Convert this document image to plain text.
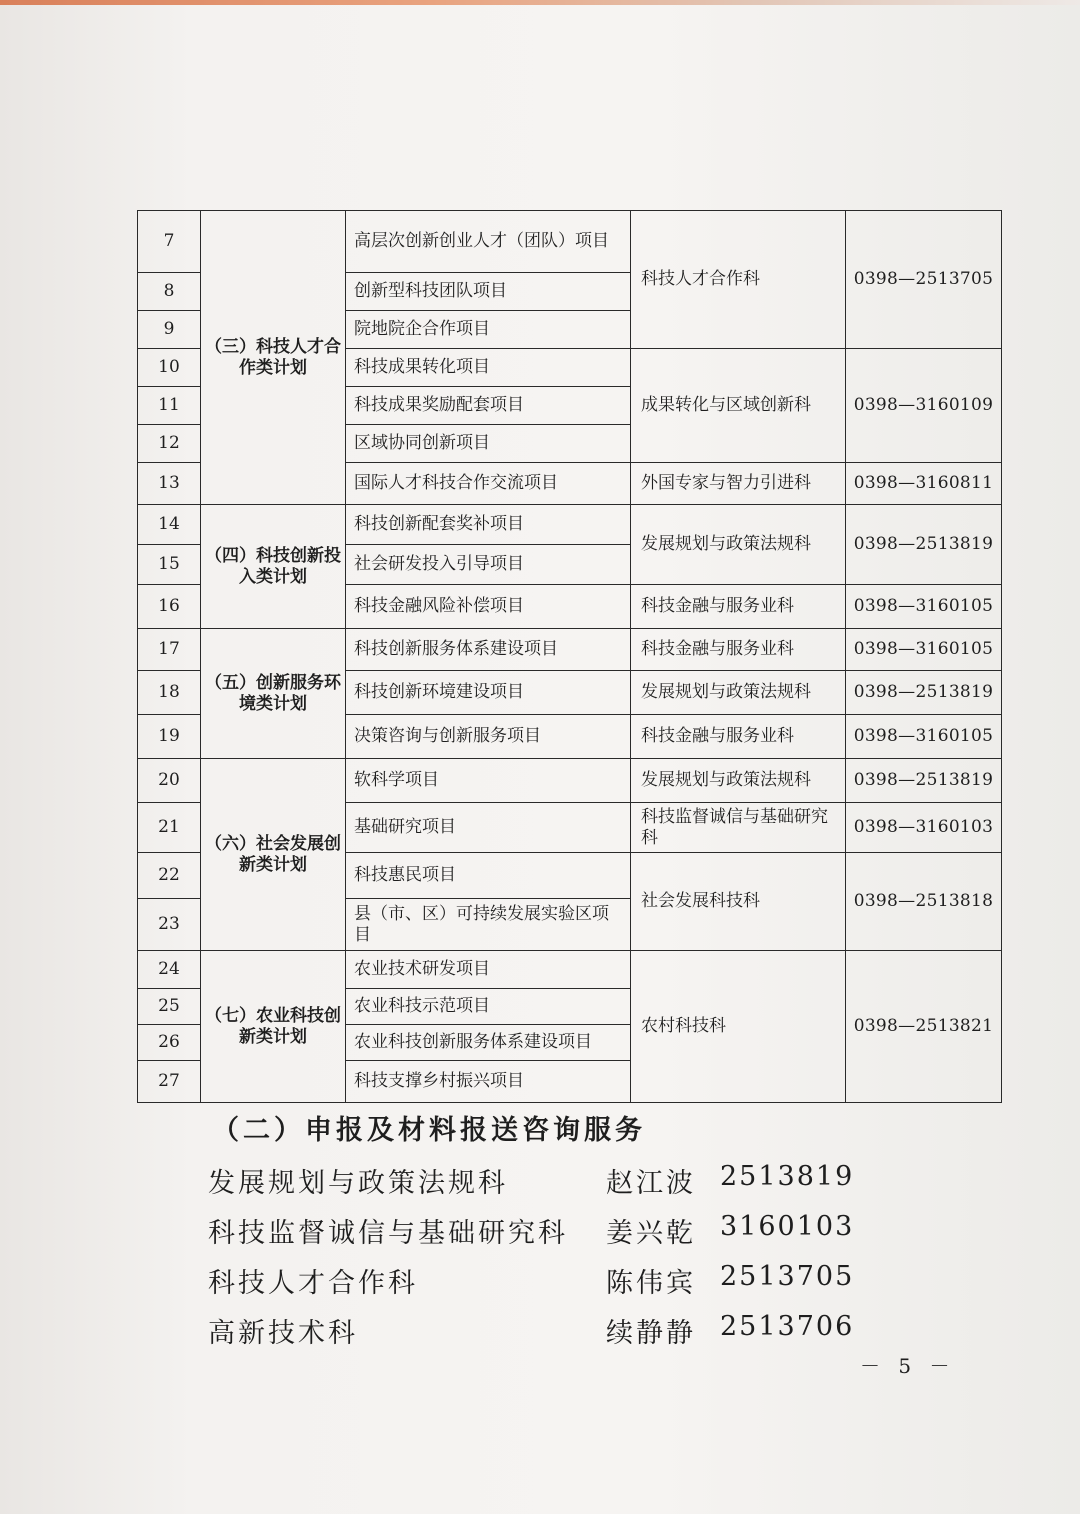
7	（三）科技人才合作类计划	高层次创新创业人才（团队）项目	科技人才合作科	0398—2513705
8		创新型科技团队项目		
9		院地院企合作项目		
10		科技成果转化项目	成果转化与区域创新科	0398—3160109
11		科技成果奖励配套项目		
12		区域协同创新项目		
13		国际人才科技合作交流项目	外国专家与智力引进科	0398—3160811
14	（四）科技创新投入类计划	科技创新配套奖补项目	发展规划与政策法规科	0398—2513819
15		社会研发投入引导项目		
16		科技金融风险补偿项目	科技金融与服务业科	0398—3160105
17	（五）创新服务环境类计划	科技创新服务体系建设项目	科技金融与服务业科	0398—3160105
18		科技创新环境建设项目	发展规划与政策法规科	0398—2513819
19		决策咨询与创新服务项目	科技金融与服务业科	0398—3160105
20	（六）社会发展创新类计划	软科学项目	发展规划与政策法规科	0398—2513819
21		基础研究项目	科技监督诚信与基础研究科	0398—3160103
22		科技惠民项目	社会发展科技科	0398—2513818
23		县（市、区）可持续发展实验区项目		
24	（七）农业科技创新类计划	农业技术研发项目	农村科技科	0398—2513821
25		农业科技示范项目		
26		农业科技创新服务体系建设项目		
27		科技支撑乡村振兴项目		
（二）申报及材料报送咨询服务
发展规划与政策法规科	赵江波 2513819
科技监督诚信与基础研究科 姜兴乾 3160103
科技人才合作科	陈伟宾 2513705
高新技术科	续静静 2513706
－ 5 －
